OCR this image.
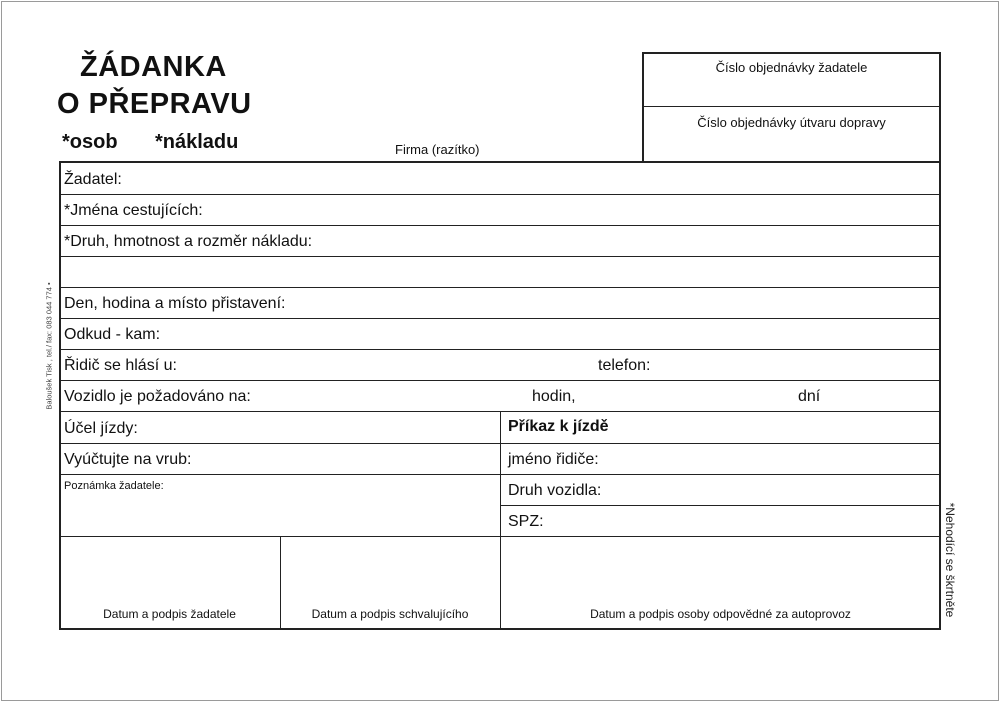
ŽÁDANKA
O PŘEPRAVU
*osob *nákladu	Firma (razítko)
Číslo objednávky žadatele
Číslo objednávky útvaru dopravy
Žadatel:
*Jména cestujících:
*Druh, hmotnost a rozměr nákladu:
Den, hodina a místo přistavení:
Odkud - kam:
Řidič se hlásí u:	telefon:
Vozidlo je požadováno na:	hodin,	dní
Účel jízdy:
Vyúčtujte na vrub:
Poznámka žadatele:
Příkaz k jízdě
jméno řidiče:
Druh vozidla:
SPZ:
Datum a podpis žadatele	Datum a podpis schvalujícího	Datum a podpis osoby odpovědné za autoprovoz
Baloušek Tisk , tel./ fax: 083 044 774 •
*Nehodící se škrtněte
